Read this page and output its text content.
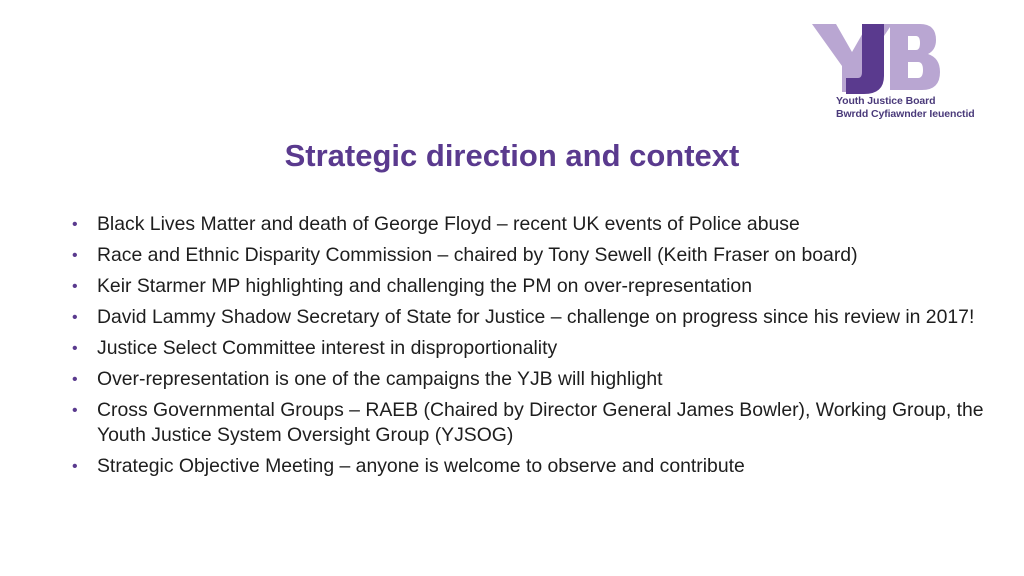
Youth Justice Board
Bwrdd Cyfiawnder Ieuenctid
Strategic direction and context
• Black Lives Matter and death of George Floyd – recent UK events of Police abuse
• Race and Ethnic Disparity Commission – chaired by Tony Sewell (Keith Fraser on board)
• Keir Starmer MP highlighting and challenging the PM on over-representation
• David Lammy Shadow Secretary of State for Justice – challenge on progress since his review in 2017!
• Justice Select Committee interest in disproportionality
• Over-representation is one of the campaigns the YJB will highlight
• Cross Governmental Groups – RAEB (Chaired by Director General James Bowler), Working Group, the Youth Justice System Oversight Group (YJSOG)
• Strategic Objective Meeting – anyone is welcome to observe and contribute
